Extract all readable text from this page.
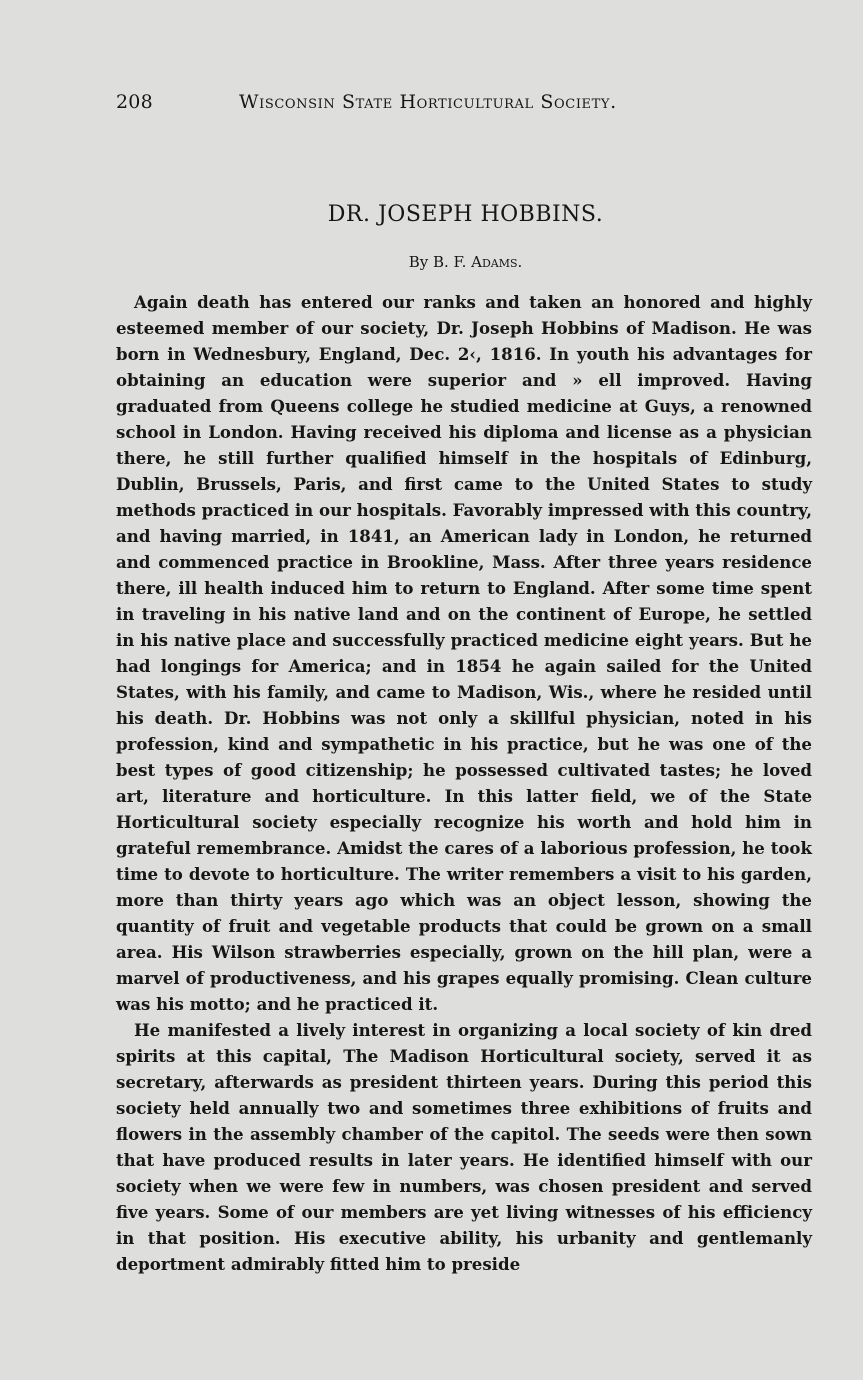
208	Wisconsin State Horticultural Society.
DR. JOSEPH HOBBINS.
By B. F. Adams.

Again death has entered our ranks and taken an honored and highly esteemed member of our society, Dr. Joseph Hobbins of Madison. He was born in Wednesbury, England, Dec. 2‹, 1816. In youth his advantages for obtaining an education were superior and » ell improved. Having graduated from Queens college he studied medicine at Guys, a renowned school in London. Having received his diploma and license as a physician there, he still further qualified himself in the hospitals of Edinburg, Dublin, Brussels, Paris, and first came to the United States to study methods practiced in our hospitals. Favorably impressed with this country, and having married, in 1841, an American lady in London, he returned and commenced practice in Brookline, Mass. After three years residence there, ill health induced him to return to England. After some time spent in traveling in his native land and on the continent of Europe, he settled in his native place and successfully practiced medicine eight years. But he had longings for America; and in 1854 he again sailed for the United States, with his family, and came to Madison, Wis., where he resided until his death. Dr. Hobbins was not only a skillful physician, noted in his profession, kind and sympathetic in his practice, but he was one of the best types of good citizenship; he possessed cultivated tastes; he loved art, literature and horticulture. In this latter field, we of the State Horticultural society especially recognize his worth and hold him in grateful remembrance. Amidst the cares of a laborious profession, he took time to devote to horticulture. The writer remembers a visit to his garden, more than thirty years ago which was an object lesson, showing the quantity of fruit and vegetable products that could be grown on a small area. His Wilson strawberries especially, grown on the hill plan, were a marvel of productiveness, and his grapes equally promising. Clean culture was his motto; and he practiced it.

He manifested a lively interest in organizing a local society of kin dred spirits at this capital, The Madison Horticultural society, served it as secretary, afterwards as president thirteen years. During this period this society held annually two and sometimes three exhibitions of fruits and flowers in the assembly chamber of the capitol. The seeds were then sown that have produced results in later years. He identified himself with our society when we were few in numbers, was chosen president and served five years. Some of our members are yet living witnesses of his efficiency in that position. His executive ability, his urbanity and gentlemanly deportment admirably fitted him to preside
